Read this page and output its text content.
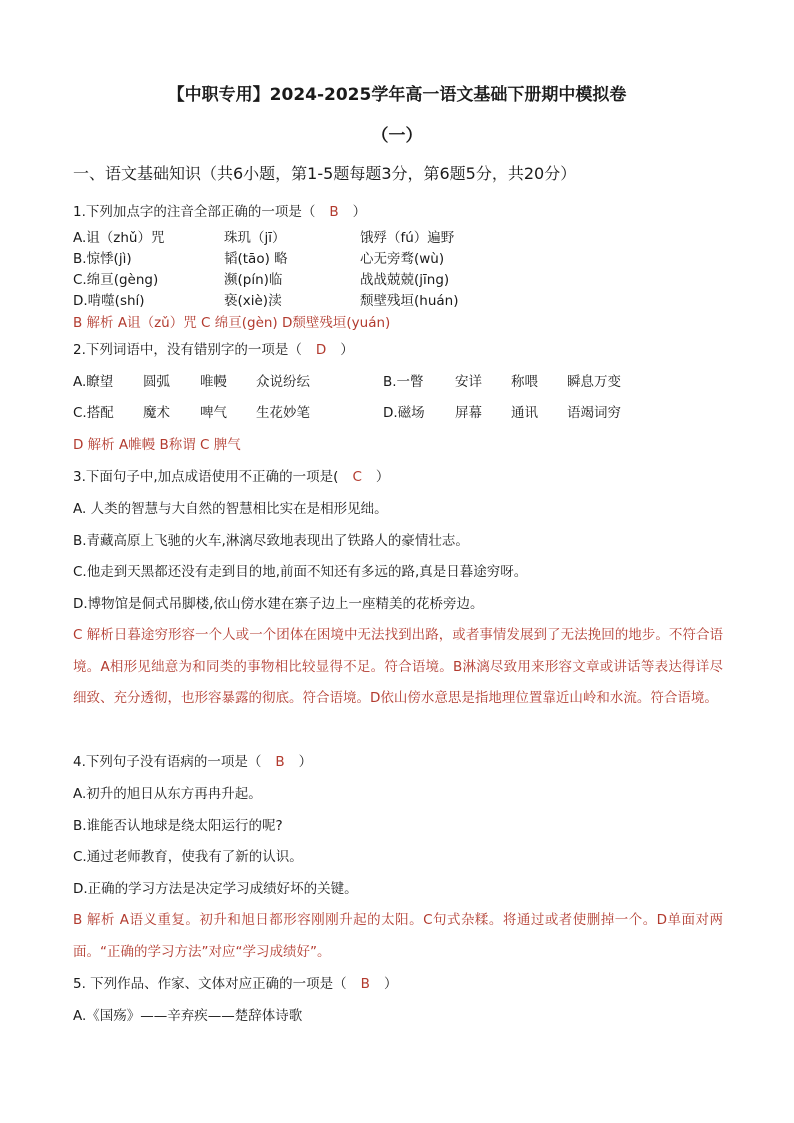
【中职专用】2024-2025学年高一语文基础下册期中模拟卷
（一）
一、语文基础知识（共6小题，第1-5题每题3分，第6题5分，共20分）
1.下列加点字的注音全部正确的一项是（ B ）
A.诅（zhǔ）咒	珠玑（jī）	饿殍（fú）遍野
B.惊悸(jì)	韬(tāo) 略	心无旁骛(wù)
C.绵亘(gèng)	濒(pín)临	战战兢兢(jīng)
D.啃噬(shí)	亵(xiè)渎	颓壁残垣(huán)
B 解析 A诅（zǔ）咒 C 绵亘(gèn) D颓壁残垣(yuán)
2.下列词语中，没有错别字的一项是（ D ）
A.瞭望 圆弧 唯幔 众说纷纭	B.一瞥 安详 称喂 瞬息万变
C.搭配 魔术 啤气 生花妙笔	D.磁场 屏幕 通讯 语竭词穷
D 解析 A帷幔 B称谓 C 脾气
3.下面句子中,加点成语使用不正确的一项是( C ）
A. 人类的智慧与大自然的智慧相比实在是相形见绌。
B.青藏高原上飞驰的火车,淋漓尽致地表现出了铁路人的豪情壮志。
C.他走到天黑都还没有走到目的地,前面不知还有多远的路,真是日暮途穷呀。
D.博物馆是侗式吊脚楼,依山傍水建在寨子边上一座精美的花桥旁边。
C 解析日暮途穷形容一个人或一个团体在困境中无法找到出路，或者事情发展到了无法挽回的地步。不符合语境。A相形见绌意为和同类的事物相比较显得不足。符合语境。B淋漓尽致用来形容文章或讲话等表达得详尽细致、充分透彻，也形容暴露的彻底。符合语境。D依山傍水意思是指地理位置靠近山岭和水流。符合语境。
4.下列句子没有语病的一项是（ B ）
A.初升的旭日从东方再冉升起。
B.谁能否认地球是绕太阳运行的呢?
C.通过老师教育，使我有了新的认识。
D.正确的学习方法是决定学习成绩好坏的关键。
B 解析 A语义重复。初升和旭日都形容刚刚升起的太阳。C句式杂糅。将通过或者使删掉一个。D单面对两面。“正确的学习方法”对应“学习成绩好”。
5. 下列作品、作家、文体对应正确的一项是（ B ）
A.《国殇》——辛弃疾——楚辞体诗歌
